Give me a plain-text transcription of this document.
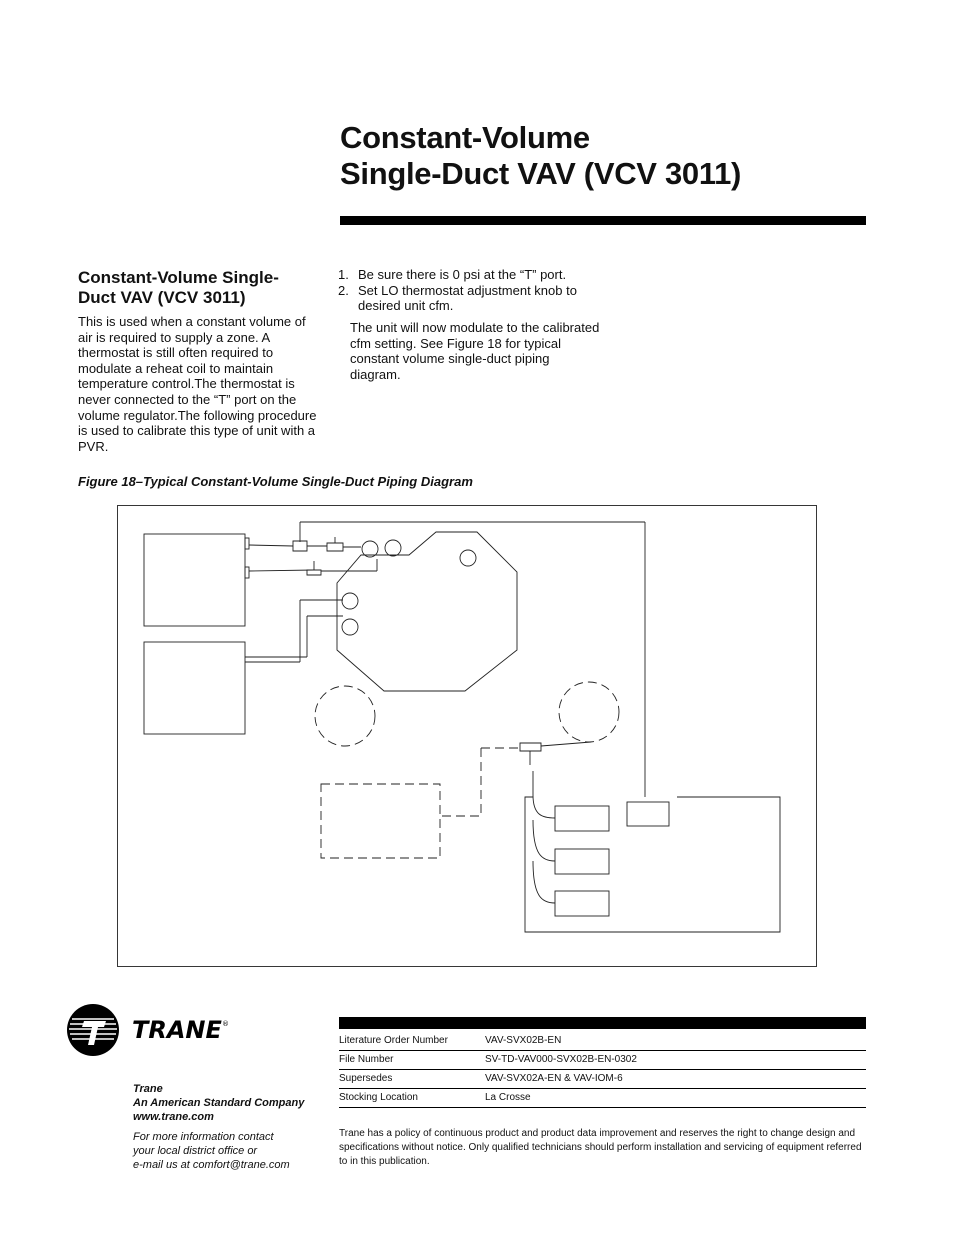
Constant-Volume
Single-Duct VAV (VCV 3011)
Constant-Volume Single-
Duct VAV (VCV 3011)
This is used when a constant volume of air is required to supply a zone. A thermostat is still often required to modulate a reheat coil to maintain temperature control.The thermostat is never connected to the “T” port on the volume regulator.The following procedure is used to calibrate this type of unit with a PVR.
1. Be sure there is 0 psi at the “T” port.
2. Set LO thermostat adjustment knob to desired unit cfm.
The unit will now modulate to the calibrated cfm setting. See Figure 18 for typical constant volume single-duct piping diagram.
Figure 18–Typical Constant-Volume Single-Duct Piping Diagram
TRANE ®
Trane
An American Standard Company
www.trane.com
For more information contact
your local district office or
e-mail us at comfort@trane.com
Literature Order Number	VAV-SVX02B-EN
File Number	SV-TD-VAV000-SVX02B-EN-0302
Supersedes	VAV-SVX02A-EN & VAV-IOM-6
Stocking Location	La Crosse
Trane has a policy of continuous product and product data improvement and reserves the right to change design and specifications without notice. Only qualified technicians should perform installation and servicing of equipment referred to in this publication.
